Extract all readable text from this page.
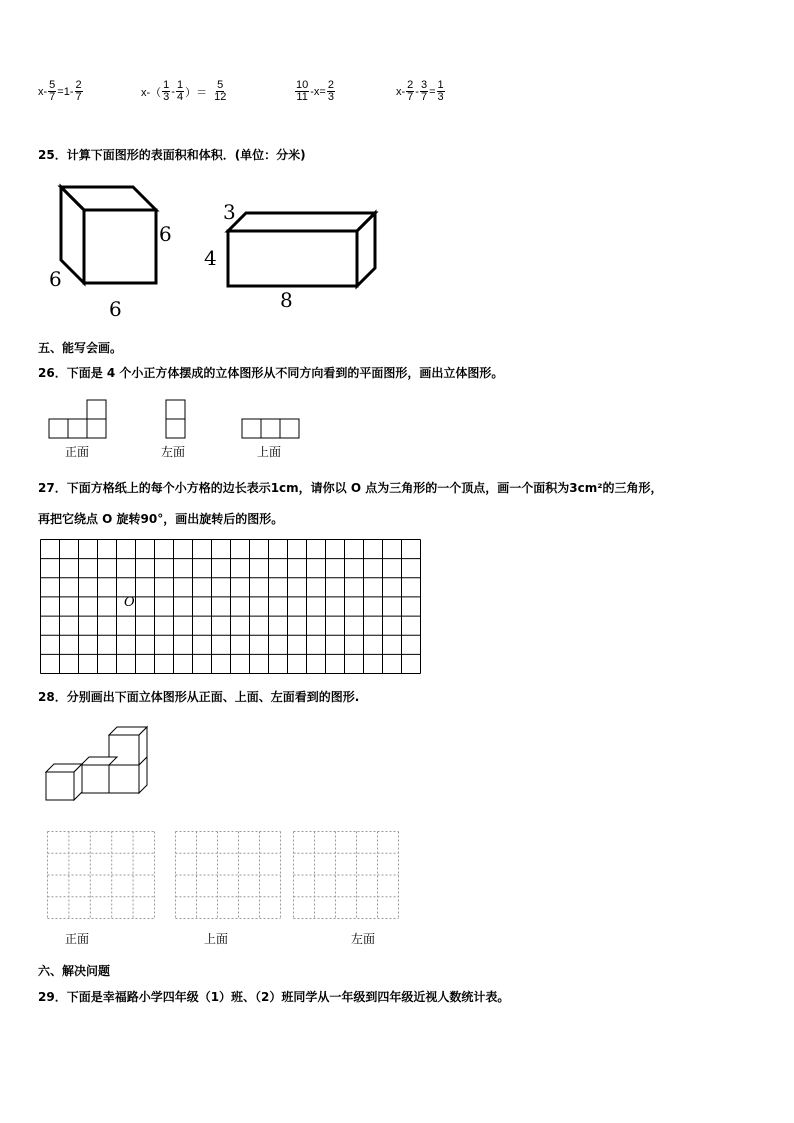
$x- \frac{5}{7} =1- \frac{2}{7}$	$x-( \frac{1}{3} - \frac{1}{4}$ ）＝ $\frac{5}{12}$	$\frac{10}{11} -x= \frac{2}{3}$	$x- \frac{2}{7} - \frac{3}{7} = \frac{1}{3}$
25．计算下面图形的表面积和体积．(单位：分米)
6
6
6
3
4
8
五、能写会画。
26．下面是 4 个小正方体摆成的立体图形从不同方向看到的平面图形，画出立体图形。
正面	左面	上面
27．下面方格纸上的每个小方格的边长表示1cm，请你以 O 点为三角形的一个顶点，画一个面积为3cm²的三角形，
再把它绕点 O 旋转90°，画出旋转后的图形。
O
28．分别画出下面立体图形从正面、上面、左面看到的图形.
正面	上面	左面
六、解决问题
29．下面是幸福路小学四年级（1）班、（2）班同学从一年级到四年级近视人数统计表。
